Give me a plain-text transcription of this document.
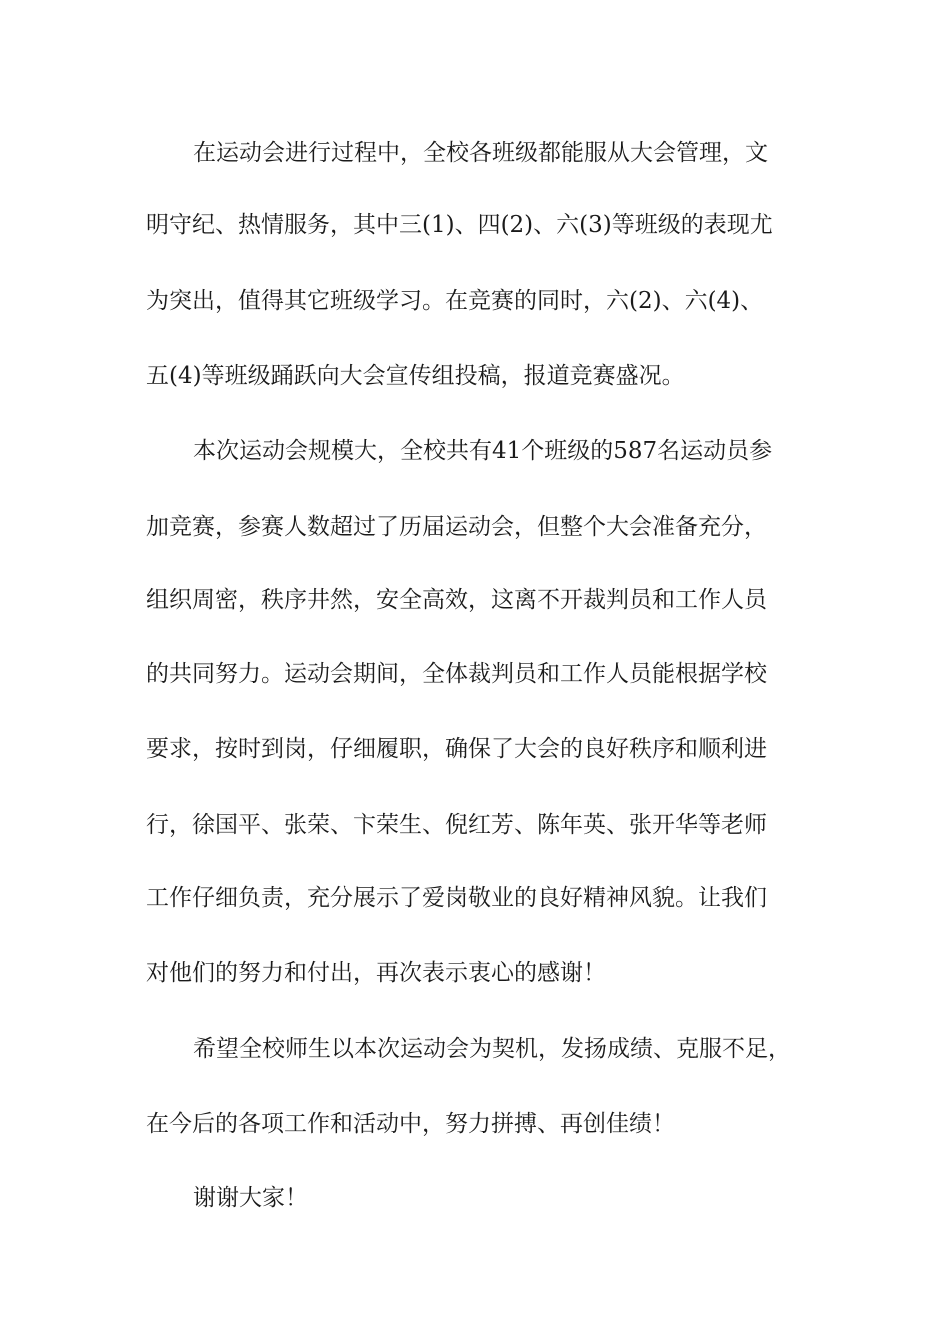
在运动会进行过程中，全校各班级都能服从大会管理，文

明守纪、热情服务，其中三(1)、四(2)、六(3)等班级的表现尤

为突出，值得其它班级学习。在竞赛的同时，六(2)、六(4)、

五(4)等班级踊跃向大会宣传组投稿，报道竞赛盛况。

本次运动会规模大，全校共有41个班级的587名运动员参

加竞赛，参赛人数超过了历届运动会，但整个大会准备充分，

组织周密，秩序井然，安全高效，这离不开裁判员和工作人员

的共同努力。运动会期间，全体裁判员和工作人员能根据学校

要求，按时到岗，仔细履职，确保了大会的良好秩序和顺利进

行，徐国平、张荣、卞荣生、倪红芳、陈年英、张开华等老师

工作仔细负责，充分展示了爱岗敬业的良好精神风貌。让我们

对他们的努力和付出，再次表示衷心的感谢！

希望全校师生以本次运动会为契机，发扬成绩、克服不足，

在今后的各项工作和活动中，努力拼搏、再创佳绩！

谢谢大家！
